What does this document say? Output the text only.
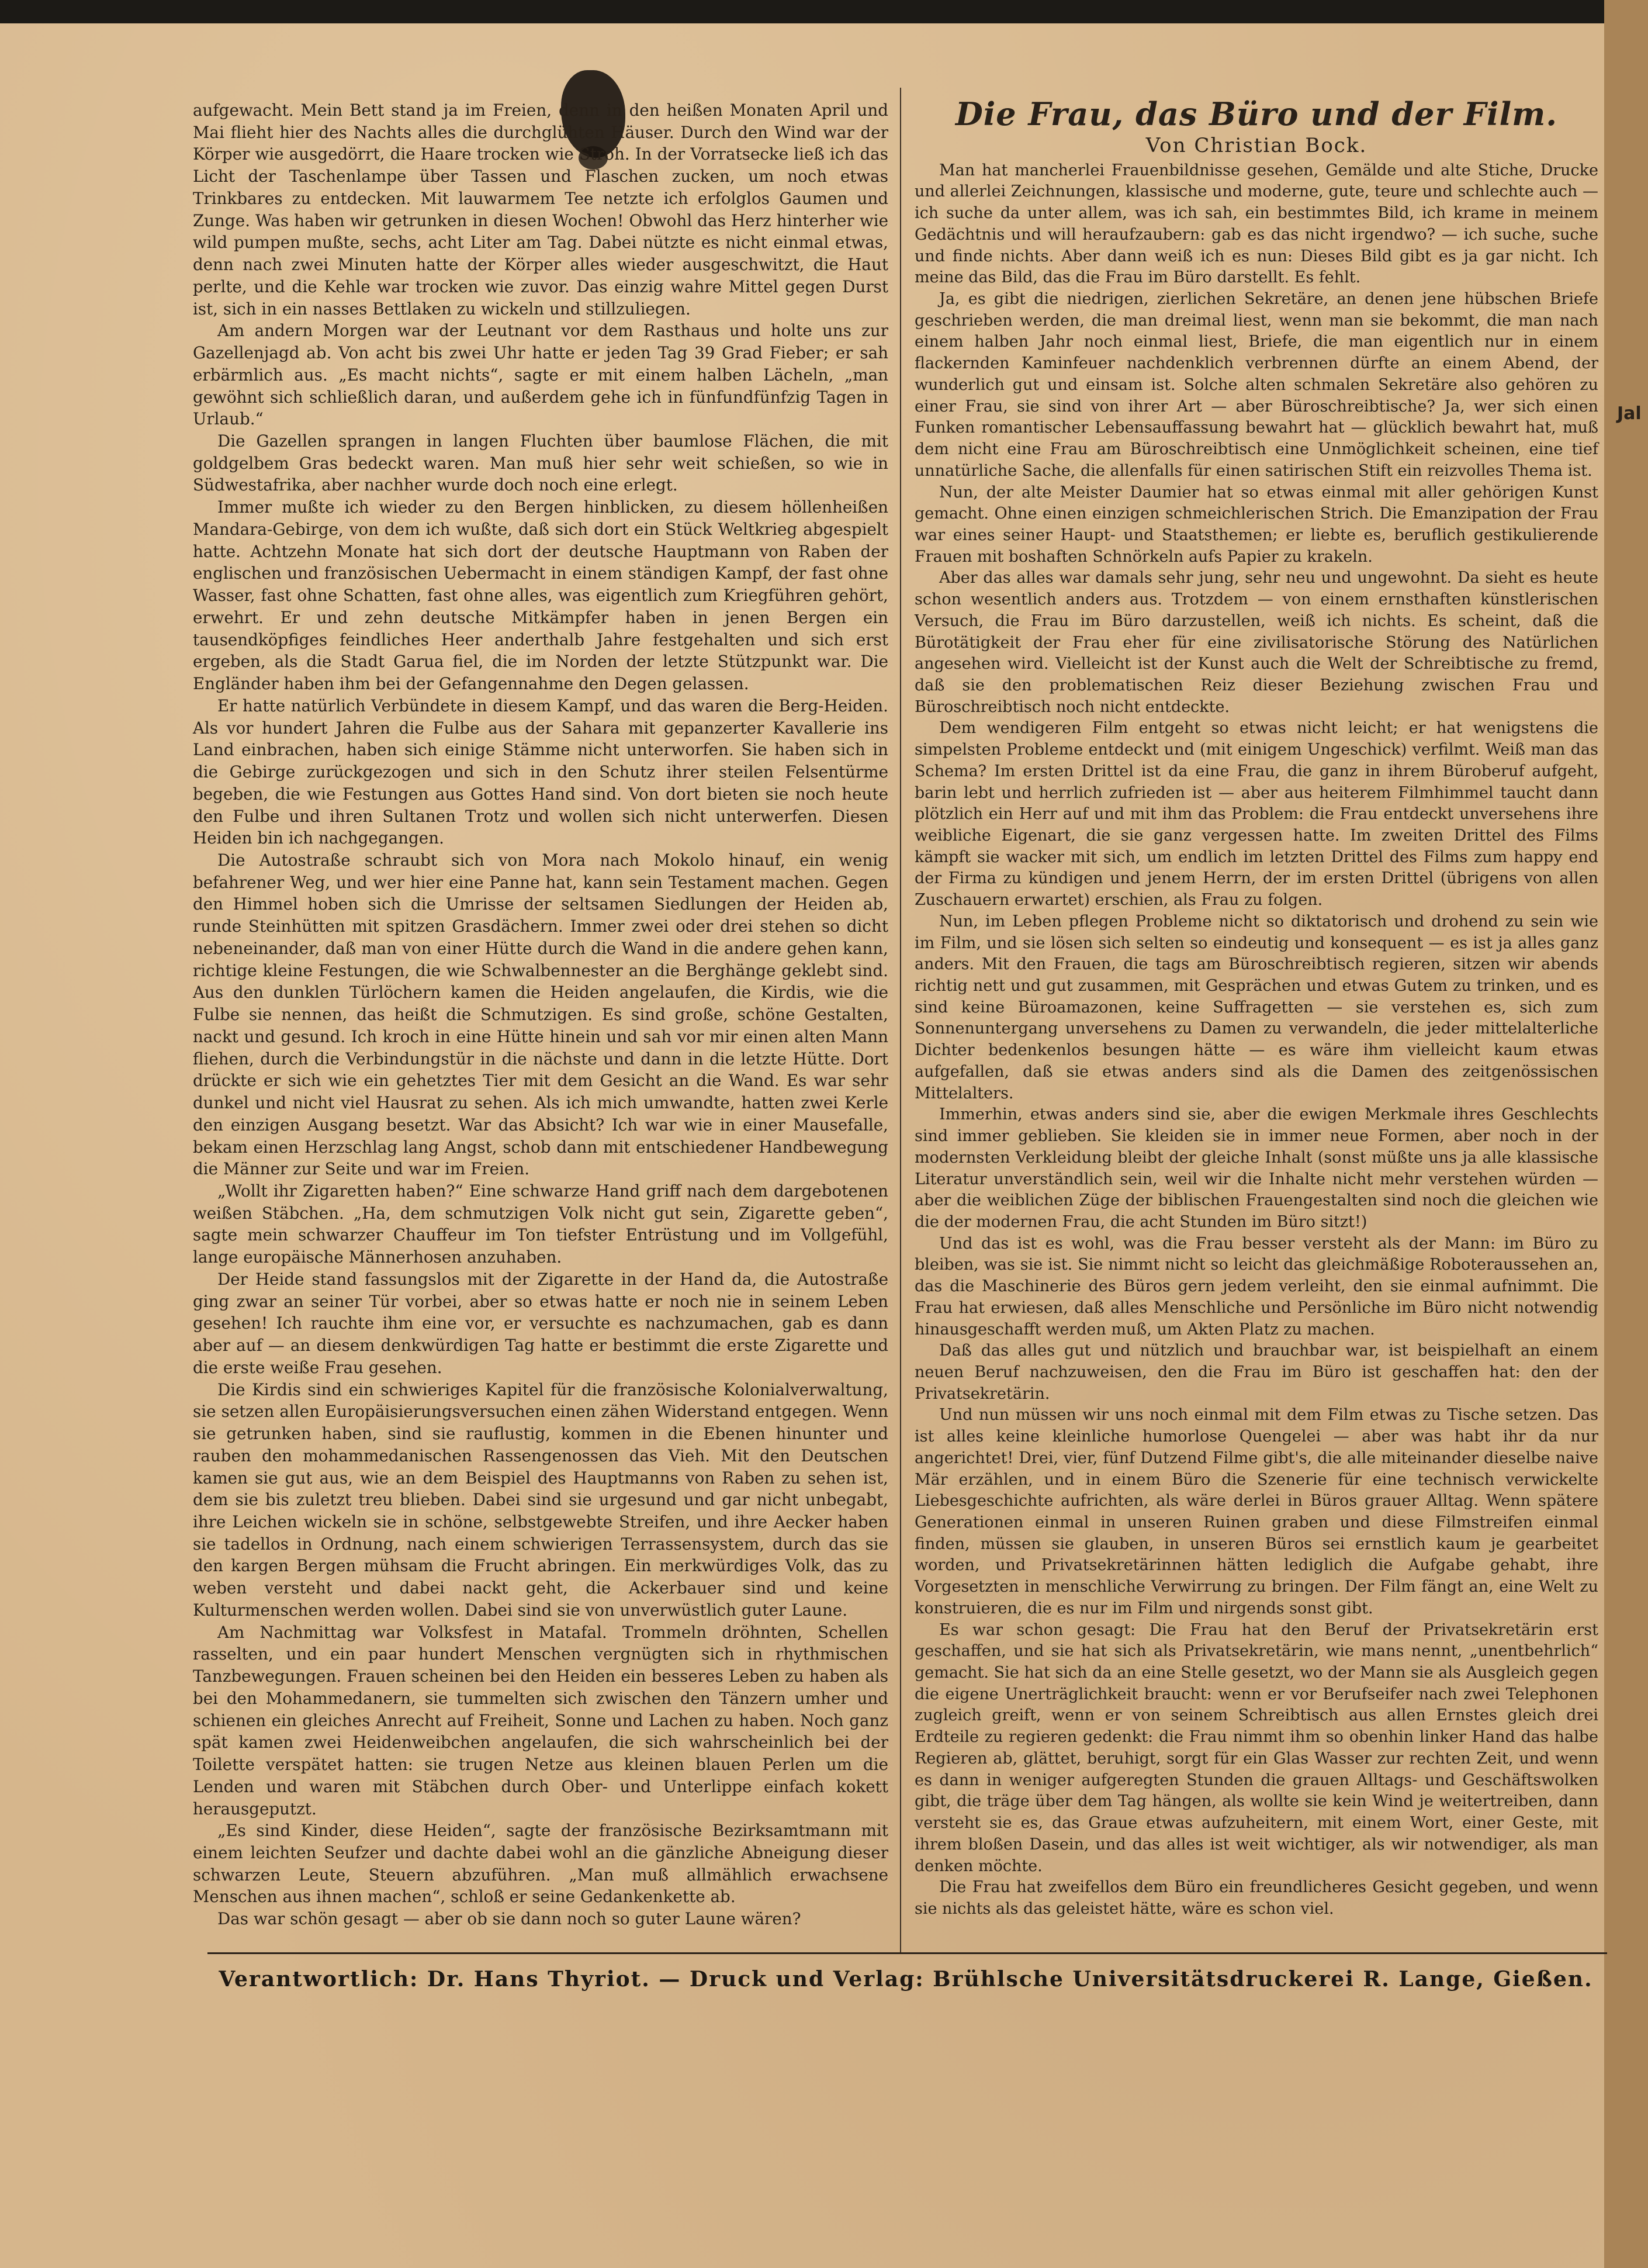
Jal

aufgewacht. Mein Bett stand ja im Freien, denn in den heißen Monaten April und Mai flieht hier des Nachts alles die durchglühten Häuser. Durch den Wind war der Körper wie ausgedörrt, die Haare trocken wie Stroh. In der Vorratsecke ließ ich das Licht der Taschenlampe über Tassen und Flaschen zucken, um noch etwas Trinkbares zu entdecken. Mit lauwarmem Tee netzte ich erfolglos Gaumen und Zunge. Was haben wir getrunken in diesen Wochen! Obwohl das Herz hinterher wie wild pumpen mußte, sechs, acht Liter am Tag. Dabei nützte es nicht einmal etwas, denn nach zwei Minuten hatte der Körper alles wieder ausgeschwitzt, die Haut perlte, und die Kehle war trocken wie zuvor. Das einzig wahre Mittel gegen Durst ist, sich in ein nasses Bettlaken zu wickeln und stillzuliegen.

Am andern Morgen war der Leutnant vor dem Rasthaus und holte uns zur Gazellenjagd ab. Von acht bis zwei Uhr hatte er jeden Tag 39 Grad Fieber; er sah erbärmlich aus. „Es macht nichts“, sagte er mit einem halben Lächeln, „man gewöhnt sich schließlich daran, und außerdem gehe ich in fünfundfünfzig Tagen in Urlaub.“

Die Gazellen sprangen in langen Fluchten über baumlose Flächen, die mit goldgelbem Gras bedeckt waren. Man muß hier sehr weit schießen, so wie in Südwestafrika, aber nachher wurde doch noch eine erlegt.

Immer mußte ich wieder zu den Bergen hinblicken, zu diesem höllenheißen Mandara-Gebirge, von dem ich wußte, daß sich dort ein Stück Weltkrieg abgespielt hatte. Achtzehn Monate hat sich dort der deutsche Hauptmann von Raben der englischen und französischen Uebermacht in einem ständigen Kampf, der fast ohne Wasser, fast ohne Schatten, fast ohne alles, was eigentlich zum Kriegführen gehört, erwehrt. Er und zehn deutsche Mitkämpfer haben in jenen Bergen ein tausendköpfiges feindliches Heer anderthalb Jahre festgehalten und sich erst ergeben, als die Stadt Garua fiel, die im Norden der letzte Stützpunkt war. Die Engländer haben ihm bei der Gefangennahme den Degen gelassen.

Er hatte natürlich Verbündete in diesem Kampf, und das waren die Berg-Heiden. Als vor hundert Jahren die Fulbe aus der Sahara mit gepanzerter Kavallerie ins Land einbrachen, haben sich einige Stämme nicht unterworfen. Sie haben sich in die Gebirge zurückgezogen und sich in den Schutz ihrer steilen Felsentürme begeben, die wie Festungen aus Gottes Hand sind. Von dort bieten sie noch heute den Fulbe und ihren Sultanen Trotz und wollen sich nicht unterwerfen. Diesen Heiden bin ich nachgegangen.

Die Autostraße schraubt sich von Mora nach Mokolo hinauf, ein wenig befahrener Weg, und wer hier eine Panne hat, kann sein Testament machen. Gegen den Himmel hoben sich die Umrisse der seltsamen Siedlungen der Heiden ab, runde Steinhütten mit spitzen Grasdächern. Immer zwei oder drei stehen so dicht nebeneinander, daß man von einer Hütte durch die Wand in die andere gehen kann, richtige kleine Festungen, die wie Schwalbennester an die Berghänge geklebt sind. Aus den dunklen Türlöchern kamen die Heiden angelaufen, die Kirdis, wie die Fulbe sie nennen, das heißt die Schmutzigen. Es sind große, schöne Gestalten, nackt und gesund. Ich kroch in eine Hütte hinein und sah vor mir einen alten Mann fliehen, durch die Verbindungstür in die nächste und dann in die letzte Hütte. Dort drückte er sich wie ein gehetztes Tier mit dem Gesicht an die Wand. Es war sehr dunkel und nicht viel Hausrat zu sehen. Als ich mich umwandte, hatten zwei Kerle den einzigen Ausgang besetzt. War das Absicht? Ich war wie in einer Mausefalle, bekam einen Herzschlag lang Angst, schob dann mit entschiedener Handbewegung die Männer zur Seite und war im Freien.

„Wollt ihr Zigaretten haben?“ Eine schwarze Hand griff nach dem dargebotenen weißen Stäbchen. „Ha, dem schmutzigen Volk nicht gut sein, Zigarette geben“, sagte mein schwarzer Chauffeur im Ton tiefster Entrüstung und im Vollgefühl, lange europäische Männerhosen anzuhaben.

Der Heide stand fassungslos mit der Zigarette in der Hand da, die Autostraße ging zwar an seiner Tür vorbei, aber so etwas hatte er noch nie in seinem Leben gesehen! Ich rauchte ihm eine vor, er versuchte es nachzumachen, gab es dann aber auf — an diesem denkwürdigen Tag hatte er bestimmt die erste Zigarette und die erste weiße Frau gesehen.

Die Kirdis sind ein schwieriges Kapitel für die französische Kolonialverwaltung, sie setzen allen Europäisierungsversuchen einen zähen Widerstand entgegen. Wenn sie getrunken haben, sind sie rauflustig, kommen in die Ebenen hinunter und rauben den mohammedanischen Rassengenossen das Vieh. Mit den Deutschen kamen sie gut aus, wie an dem Beispiel des Hauptmanns von Raben zu sehen ist, dem sie bis zuletzt treu blieben. Dabei sind sie urgesund und gar nicht unbegabt, ihre Leichen wickeln sie in schöne, selbstgewebte Streifen, und ihre Aecker haben sie tadellos in Ordnung, nach einem schwierigen Terrassensystem, durch das sie den kargen Bergen mühsam die Frucht abringen. Ein merkwürdiges Volk, das zu weben versteht und dabei nackt geht, die Ackerbauer sind und keine Kulturmenschen werden wollen. Dabei sind sie von unverwüstlich guter Laune.

Am Nachmittag war Volksfest in Matafal. Trommeln dröhnten, Schellen rasselten, und ein paar hundert Menschen vergnügten sich in rhythmischen Tanzbewegungen. Frauen scheinen bei den Heiden ein besseres Leben zu haben als bei den Mohammedanern, sie tummelten sich zwischen den Tänzern umher und schienen ein gleiches Anrecht auf Freiheit, Sonne und Lachen zu haben. Noch ganz spät kamen zwei Heidenweibchen angelaufen, die sich wahrscheinlich bei der Toilette verspätet hatten: sie trugen Netze aus kleinen blauen Perlen um die Lenden und waren mit Stäbchen durch Ober- und Unterlippe einfach kokett herausgeputzt.

„Es sind Kinder, diese Heiden“, sagte der französische Bezirksamtmann mit einem leichten Seufzer und dachte dabei wohl an die gänzliche Abneigung dieser schwarzen Leute, Steuern abzuführen. „Man muß allmählich erwachsene Menschen aus ihnen machen“, schloß er seine Gedankenkette ab.

Das war schön gesagt — aber ob sie dann noch so guter Laune wären?

Die Frau, das Büro und der Film.

Von Christian Bock.

Man hat mancherlei Frauenbildnisse gesehen, Gemälde und alte Stiche, Drucke und allerlei Zeichnungen, klassische und moderne, gute, teure und schlechte auch — ich suche da unter allem, was ich sah, ein bestimmtes Bild, ich krame in meinem Gedächtnis und will heraufzaubern: gab es das nicht irgendwo? — ich suche, suche und finde nichts. Aber dann weiß ich es nun: Dieses Bild gibt es ja gar nicht. Ich meine das Bild, das die Frau im Büro darstellt. Es fehlt.

Ja, es gibt die niedrigen, zierlichen Sekretäre, an denen jene hübschen Briefe geschrieben werden, die man dreimal liest, wenn man sie bekommt, die man nach einem halben Jahr noch einmal liest, Briefe, die man eigentlich nur in einem flackernden Kaminfeuer nachdenklich verbrennen dürfte an einem Abend, der wunderlich gut und einsam ist. Solche alten schmalen Sekretäre also gehören zu einer Frau, sie sind von ihrer Art — aber Büroschreibtische? Ja, wer sich einen Funken romantischer Lebensauffassung bewahrt hat — glücklich bewahrt hat, muß dem nicht eine Frau am Büroschreibtisch eine Unmöglichkeit scheinen, eine tief unnatürliche Sache, die allenfalls für einen satirischen Stift ein reizvolles Thema ist.

Nun, der alte Meister Daumier hat so etwas einmal mit aller gehörigen Kunst gemacht. Ohne einen einzigen schmeichlerischen Strich. Die Emanzipation der Frau war eines seiner Haupt- und Staatsthemen; er liebte es, beruflich gestikulierende Frauen mit boshaften Schnörkeln aufs Papier zu krakeln.

Aber das alles war damals sehr jung, sehr neu und ungewohnt. Da sieht es heute schon wesentlich anders aus. Trotzdem — von einem ernsthaften künstlerischen Versuch, die Frau im Büro darzustellen, weiß ich nichts. Es scheint, daß die Bürotätigkeit der Frau eher für eine zivilisatorische Störung des Natürlichen angesehen wird. Vielleicht ist der Kunst auch die Welt der Schreibtische zu fremd, daß sie den problematischen Reiz dieser Beziehung zwischen Frau und Büroschreibtisch noch nicht entdeckte.

Dem wendigeren Film entgeht so etwas nicht leicht; er hat wenigstens die simpelsten Probleme entdeckt und (mit einigem Ungeschick) verfilmt. Weiß man das Schema? Im ersten Drittel ist da eine Frau, die ganz in ihrem Büroberuf aufgeht, barin lebt und herrlich zufrieden ist — aber aus heiterem Filmhimmel taucht dann plötzlich ein Herr auf und mit ihm das Problem: die Frau entdeckt unversehens ihre weibliche Eigenart, die sie ganz vergessen hatte. Im zweiten Drittel des Films kämpft sie wacker mit sich, um endlich im letzten Drittel des Films zum happy end der Firma zu kündigen und jenem Herrn, der im ersten Drittel (übrigens von allen Zuschauern erwartet) erschien, als Frau zu folgen.

Nun, im Leben pflegen Probleme nicht so diktatorisch und drohend zu sein wie im Film, und sie lösen sich selten so eindeutig und konsequent — es ist ja alles ganz anders. Mit den Frauen, die tags am Büroschreibtisch regieren, sitzen wir abends richtig nett und gut zusammen, mit Gesprächen und etwas Gutem zu trinken, und es sind keine Büroamazonen, keine Suffragetten — sie verstehen es, sich zum Sonnenuntergang unversehens zu Damen zu verwandeln, die jeder mittelalterliche Dichter bedenkenlos besungen hätte — es wäre ihm vielleicht kaum etwas aufgefallen, daß sie etwas anders sind als die Damen des zeitgenössischen Mittelalters.

Immerhin, etwas anders sind sie, aber die ewigen Merkmale ihres Geschlechts sind immer geblieben. Sie kleiden sie in immer neue Formen, aber noch in der modernsten Verkleidung bleibt der gleiche Inhalt (sonst müßte uns ja alle klassische Literatur unverständlich sein, weil wir die Inhalte nicht mehr verstehen würden — aber die weiblichen Züge der biblischen Frauengestalten sind noch die gleichen wie die der modernen Frau, die acht Stunden im Büro sitzt!)

Und das ist es wohl, was die Frau besser versteht als der Mann: im Büro zu bleiben, was sie ist. Sie nimmt nicht so leicht das gleichmäßige Roboteraussehen an, das die Maschinerie des Büros gern jedem verleiht, den sie einmal aufnimmt. Die Frau hat erwiesen, daß alles Menschliche und Persönliche im Büro nicht notwendig hinausgeschafft werden muß, um Akten Platz zu machen.

Daß das alles gut und nützlich und brauchbar war, ist beispielhaft an einem neuen Beruf nachzuweisen, den die Frau im Büro ist geschaffen hat: den der Privatsekretärin.

Und nun müssen wir uns noch einmal mit dem Film etwas zu Tische setzen. Das ist alles keine kleinliche humorlose Quengelei — aber was habt ihr da nur angerichtet! Drei, vier, fünf Dutzend Filme gibt's, die alle miteinander dieselbe naive Mär erzählen, und in einem Büro die Szenerie für eine technisch verwickelte Liebesgeschichte aufrichten, als wäre derlei in Büros grauer Alltag. Wenn spätere Generationen einmal in unseren Ruinen graben und diese Filmstreifen einmal finden, müssen sie glauben, in unseren Büros sei ernstlich kaum je gearbeitet worden, und Privatsekretärinnen hätten lediglich die Aufgabe gehabt, ihre Vorgesetzten in menschliche Verwirrung zu bringen. Der Film fängt an, eine Welt zu konstruieren, die es nur im Film und nirgends sonst gibt.

Es war schon gesagt: Die Frau hat den Beruf der Privatsekretärin erst geschaffen, und sie hat sich als Privatsekretärin, wie mans nennt, „unentbehrlich“ gemacht. Sie hat sich da an eine Stelle gesetzt, wo der Mann sie als Ausgleich gegen die eigene Unerträglichkeit braucht: wenn er vor Berufseifer nach zwei Telephonen zugleich greift, wenn er von seinem Schreibtisch aus allen Ernstes gleich drei Erdteile zu regieren gedenkt: die Frau nimmt ihm so obenhin linker Hand das halbe Regieren ab, glättet, beruhigt, sorgt für ein Glas Wasser zur rechten Zeit, und wenn es dann in weniger aufgeregten Stunden die grauen Alltags- und Geschäftswolken gibt, die träge über dem Tag hängen, als wollte sie kein Wind je weitertreiben, dann versteht sie es, das Graue etwas aufzuheitern, mit einem Wort, einer Geste, mit ihrem bloßen Dasein, und das alles ist weit wichtiger, als wir notwendiger, als man denken möchte.

Die Frau hat zweifellos dem Büro ein freundlicheres Gesicht gegeben, und wenn sie nichts als das geleistet hätte, wäre es schon viel.

Verantwortlich: Dr. Hans Thyriot. — Druck und Verlag: Brühlsche Universitätsdruckerei R. Lange, Gießen.
